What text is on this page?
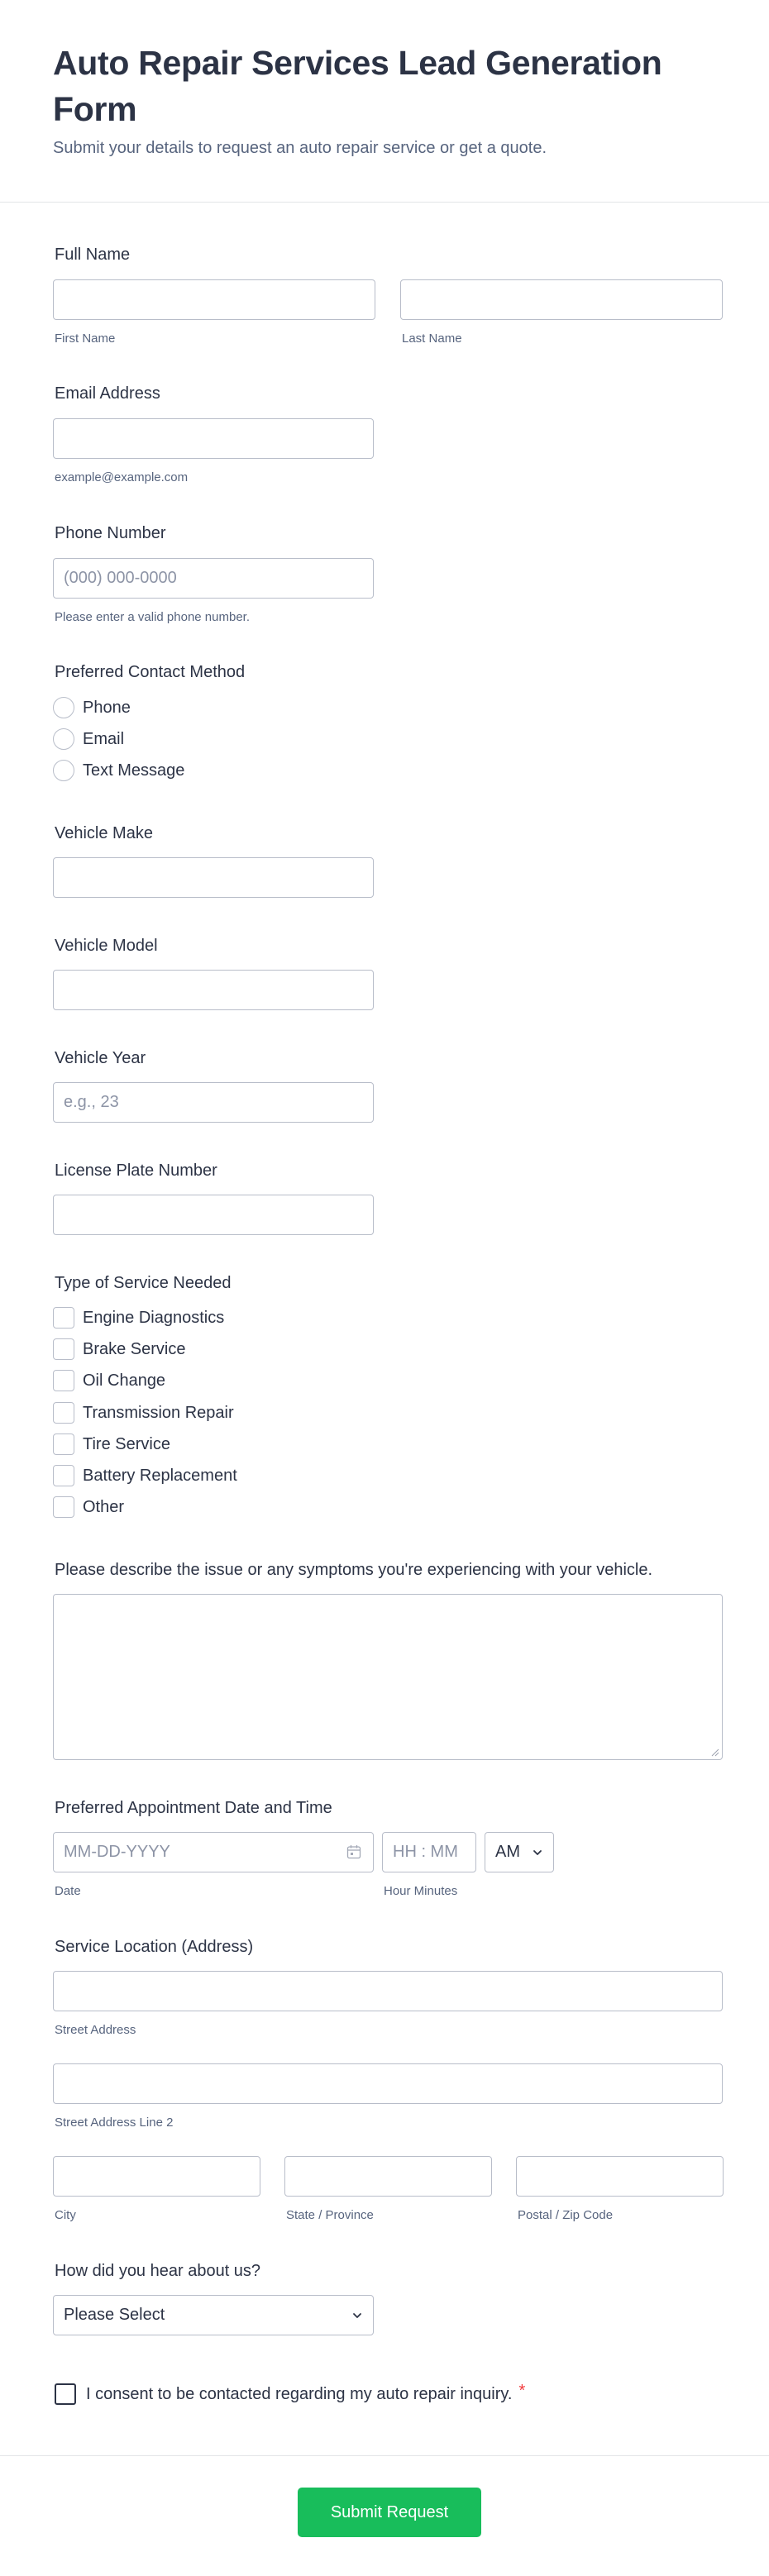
Auto Repair Services Lead Generation Form

Submit your details to request an auto repair service or get a quote.

Full Name
First Name	Last Name
Email Address
example@example.com
Phone Number
(000) 000-0000
Please enter a valid phone number.
Preferred Contact Method
Phone
Email
Text Message
Vehicle Make
Vehicle Model
Vehicle Year
e.g., 23
License Plate Number
Type of Service Needed
Engine Diagnostics
Brake Service
Oil Change
Transmission Repair
Tire Service
Battery Replacement
Other
Please describe the issue or any symptoms you're experiencing with your vehicle.
Preferred Appointment Date and Time
MM-DD-YYYY
HH : MM
AM
Date	Hour Minutes
Service Location (Address)
Street Address
Street Address Line 2
City	State / Province	Postal / Zip Code
How did you hear about us?
Please Select
I consent to be contacted regarding my auto repair inquiry. *
Submit Request
